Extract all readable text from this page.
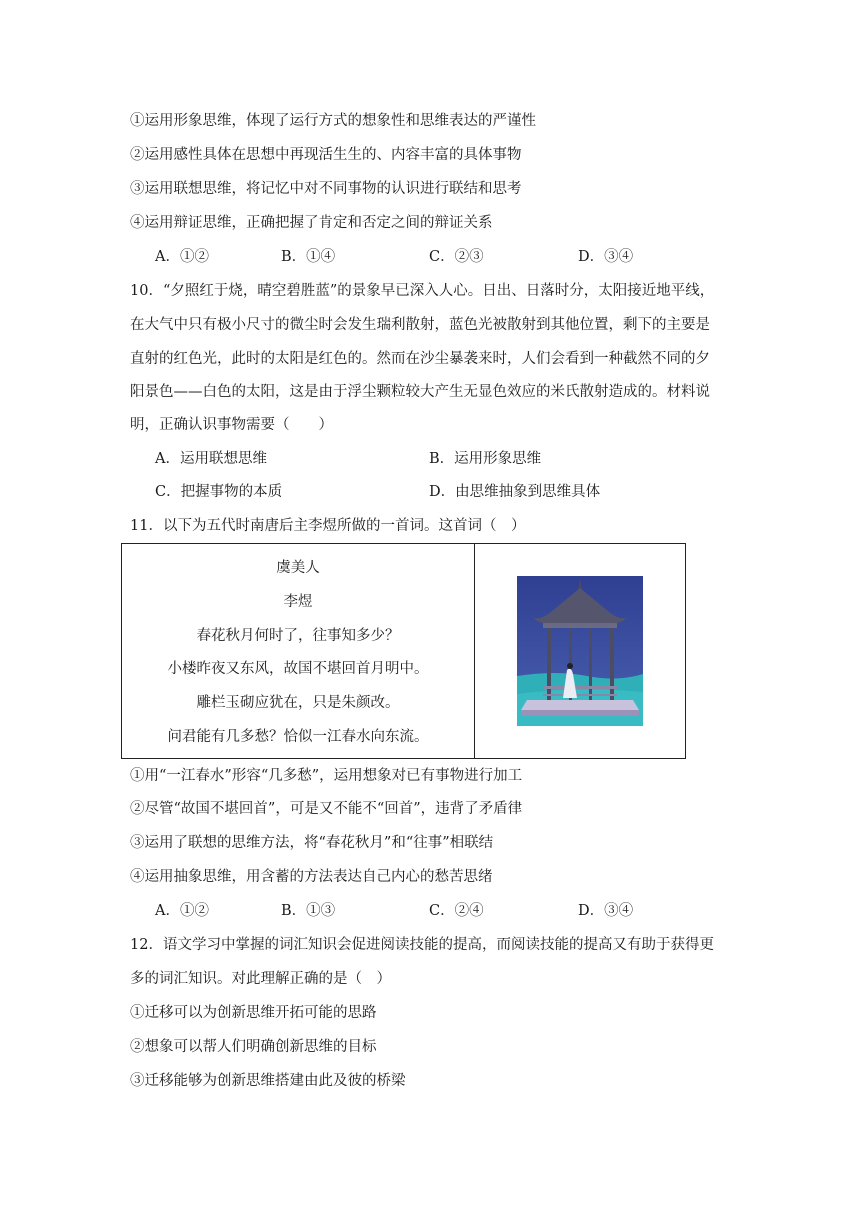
①运用形象思维，体现了运行方式的想象性和思维表达的严谨性
②运用感性具体在思想中再现活生生的、内容丰富的具体事物
③运用联想思维，将记忆中对不同事物的认识进行联结和思考
④运用辩证思维，正确把握了肯定和否定之间的辩证关系
A．①②	B．①④	C．②③	D．③④
10．“夕照红于烧，晴空碧胜蓝”的景象早已深入人心。日出、日落时分，太阳接近地平线，
在大气中只有极小尺寸的微尘时会发生瑞利散射，蓝色光被散射到其他位置，剩下的主要是
直射的红色光，此时的太阳是红色的。然而在沙尘暴袭来时，人们会看到一种截然不同的夕
阳景色——白色的太阳，这是由于浮尘颗粒较大产生无显色效应的米氏散射造成的。材料说
明，正确认识事物需要（　　）
A．运用联想思维	B．运用形象思维
C．把握事物的本质	D．由思维抽象到思维具体
11．以下为五代时南唐后主李煜所做的一首词。这首词（　）
虞美人
李煜
春花秋月何时了，往事知多少？
小楼昨夜又东风，故国不堪回首月明中。
雕栏玉砌应犹在，只是朱颜改。
问君能有几多愁？恰似一江春水向东流。
①用“一江春水”形容“几多愁”，运用想象对已有事物进行加工
②尽管“故国不堪回首”，可是又不能不“回首”，违背了矛盾律
③运用了联想的思维方法，将“春花秋月”和“往事”相联结
④运用抽象思维，用含蓄的方法表达自己内心的愁苦思绪
A．①②	B．①③	C．②④	D．③④
12．语文学习中掌握的词汇知识会促进阅读技能的提高，而阅读技能的提高又有助于获得更
多的词汇知识。对此理解正确的是（　）
①迁移可以为创新思维开拓可能的思路
②想象可以帮人们明确创新思维的目标
③迁移能够为创新思维搭建由此及彼的桥梁
